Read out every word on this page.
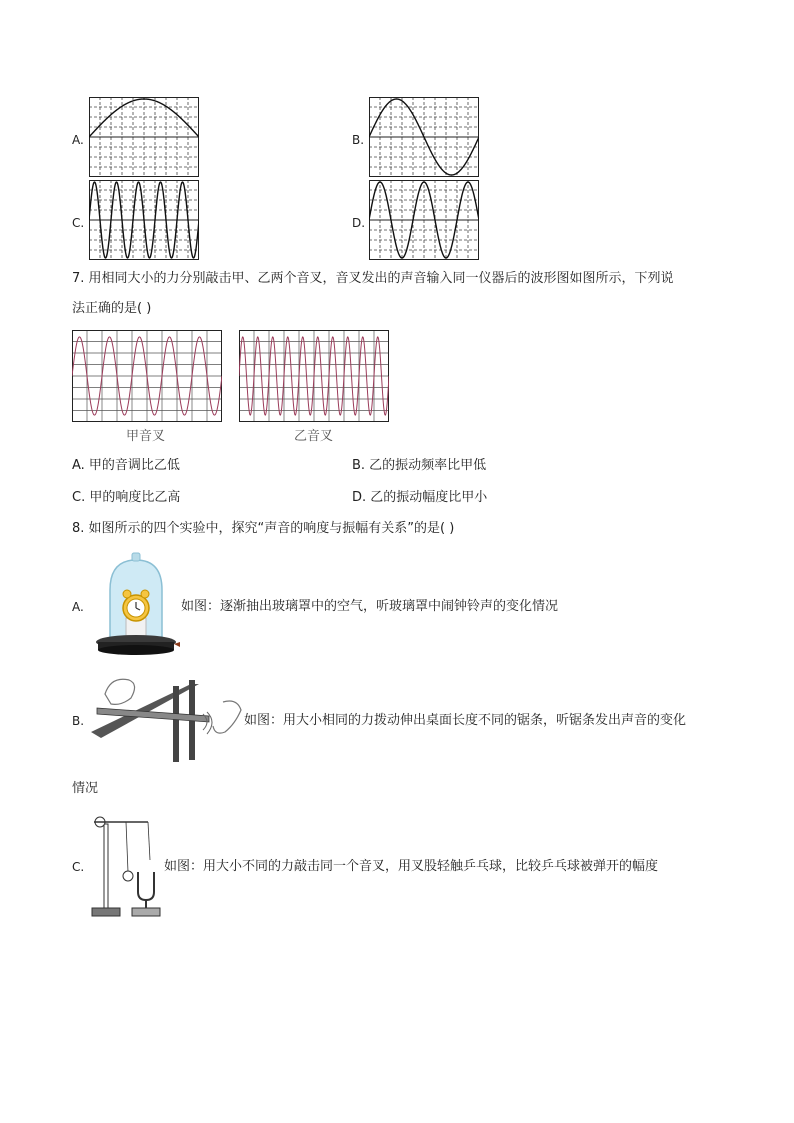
A.	B.
C.	D.
7. 用相同大小的力分别敲击甲、乙两个音叉，音叉发出的声音输入同一仪器后的波形图如图所示，下列说
法正确的是( )
甲音叉	乙音叉
A. 甲的音调比乙低	B. 乙的振动频率比甲低
C. 甲的响度比乙高	D. 乙的振动幅度比甲小
8. 如图所示的四个实验中，探究“声音的响度与振幅有关系”的是( )
A.	如图：逐渐抽出玻璃罩中的空气，听玻璃罩中闹钟铃声的变化情况
B.	如图：用大小相同的力拨动伸出桌面长度不同的锯条，听锯条发出声音的变化
情况
C.	如图：用大小不同的力敲击同一个音叉，用叉股轻触乒乓球，比较乒乓球被弹开的幅度
